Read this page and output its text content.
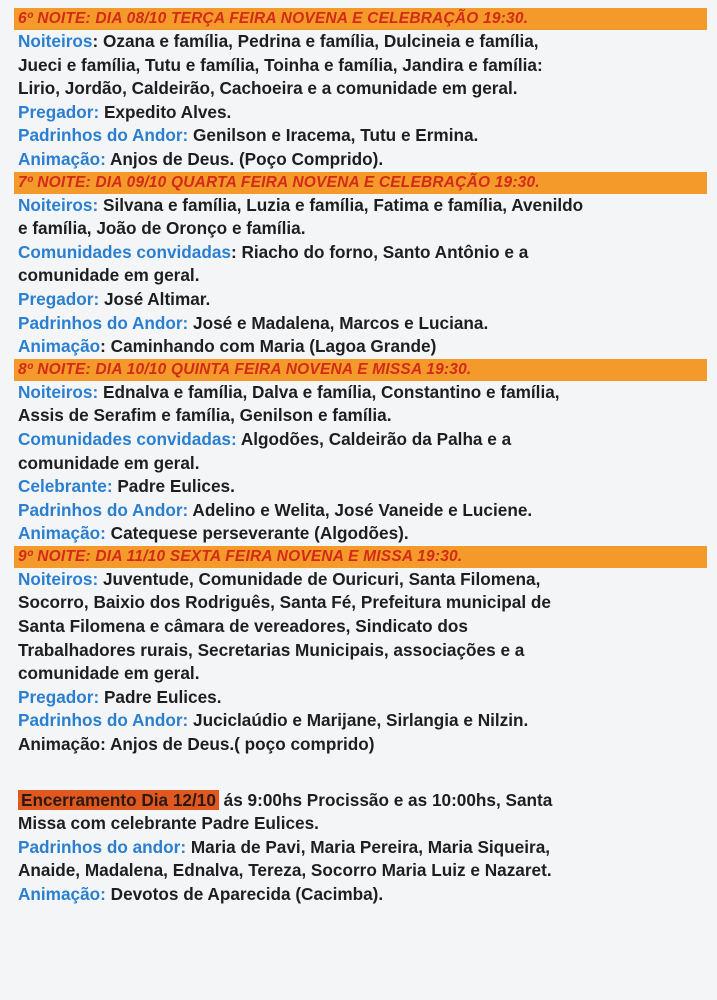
6º NOITE: DIA 08/10 TERÇA FEIRA NOVENA E CELEBRAÇÃO 19:30.
Noiteiros: Ozana e família, Pedrina e família, Dulcineia e família,
Jueci e família, Tutu e família, Toinha e família, Jandira e família:
Lirio, Jordão, Caldeirão, Cachoeira e a comunidade em geral.
Pregador: Expedito Alves.
Padrinhos do Andor: Genilson e Iracema, Tutu e Ermina.
Animação: Anjos de Deus. (Poço Comprido).
7º NOITE: DIA 09/10 QUARTA FEIRA NOVENA E CELEBRAÇÃO 19:30.
Noiteiros: Silvana e família, Luzia e família, Fatima e família, Avenildo
e família, João de Oronço e família.
Comunidades convidadas: Riacho do forno, Santo Antônio e a
comunidade em geral.
Pregador: José Altimar.
Padrinhos do Andor: José e Madalena, Marcos e Luciana.
Animação: Caminhando com Maria (Lagoa Grande)
8º NOITE: DIA 10/10 QUINTA FEIRA NOVENA E MISSA 19:30.
Noiteiros: Ednalva e família, Dalva e família, Constantino e família,
Assis de Serafim e família, Genilson e família.
Comunidades convidadas: Algodões, Caldeirão da Palha e a
comunidade em geral.
Celebrante: Padre Eulices.
Padrinhos do Andor: Adelino e Welita, José Vaneide e Luciene.
Animação: Catequese perseverante (Algodões).
9º NOITE: DIA 11/10 SEXTA FEIRA NOVENA E MISSA 19:30.
Noiteiros: Juventude, Comunidade de Ouricuri, Santa Filomena,
Socorro, Baixio dos Rodriguês, Santa Fé, Prefeitura municipal de
Santa Filomena e câmara de vereadores, Sindicato dos
Trabalhadores rurais, Secretarias Municipais, associações e a
comunidade em geral.
Pregador: Padre Eulices.
Padrinhos do Andor: Juciclaúdio e Marijane, Sirlangia e Nilzin.
Animação: Anjos de Deus.( poço comprido)
Encerramento Dia 12/10 ás 9:00hs Procissão e as 10:00hs, Santa
Missa com celebrante Padre Eulices.
Padrinhos do andor: Maria de Pavi, Maria Pereira, Maria Siqueira,
Anaide, Madalena, Ednalva, Tereza, Socorro Maria Luiz e Nazaret.
Animação: Devotos de Aparecida (Cacimba).
